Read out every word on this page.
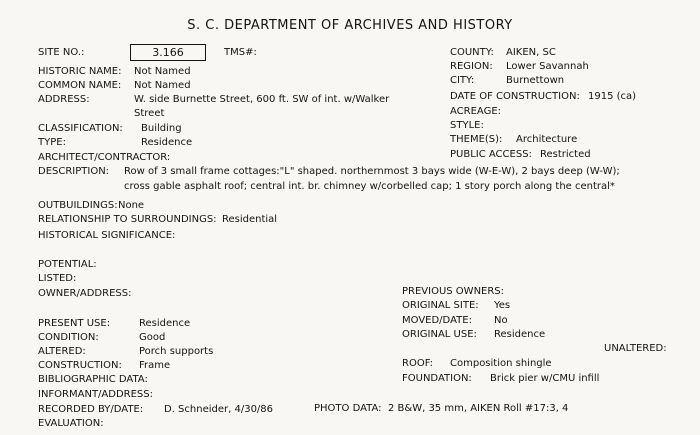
S. C. DEPARTMENT OF ARCHIVES AND HISTORY
SITE NO.:	3.166	TMS#:
HISTORIC NAME: Not Named
COMMON NAME: Not Named
ADDRESS:	W. side Burnette Street, 600 ft. SW of int. w/Walker
Street
CLASSIFICATION: Building
TYPE:	Residence
ARCHITECT/CONTRACTOR:
COUNTY: AIKEN, SC
REGION: Lower Savannah
CITY:	Burnettown
DATE OF CONSTRUCTION: 1915 (ca)
ACREAGE:
STYLE:
THEME(S): Architecture
PUBLIC ACCESS: Restricted
DESCRIPTION: Row of 3 small frame cottages:"L" shaped. northernmost 3 bays wide (W-E-W), 2 bays deep (W-W);
cross gable asphalt roof; central int. br. chimney w/corbelled cap; 1 story porch along the central*
OUTBUILDINGS: None
RELATIONSHIP TO SURROUNDINGS: Residential
HISTORICAL SIGNIFICANCE:
POTENTIAL:
LISTED:
OWNER/ADDRESS:	PREVIOUS OWNERS:
ORIGINAL SITE: Yes
MOVED/DATE: No
ORIGINAL USE: Residence
UNALTERED:
PRESENT USE:	Residence
CONDITION:	Good
ALTERED:	Porch supports
CONSTRUCTION: Frame	ROOF: Composition shingle
BIBLIOGRAPHIC DATA:	FOUNDATION: Brick pier w/CMU infill
INFORMANT/ADDRESS:
RECORDED BY/DATE: D. Schneider, 4/30/86	PHOTO DATA: 2 B&W, 35 mm, AIKEN Roll #17:3, 4
EVALUATION:
